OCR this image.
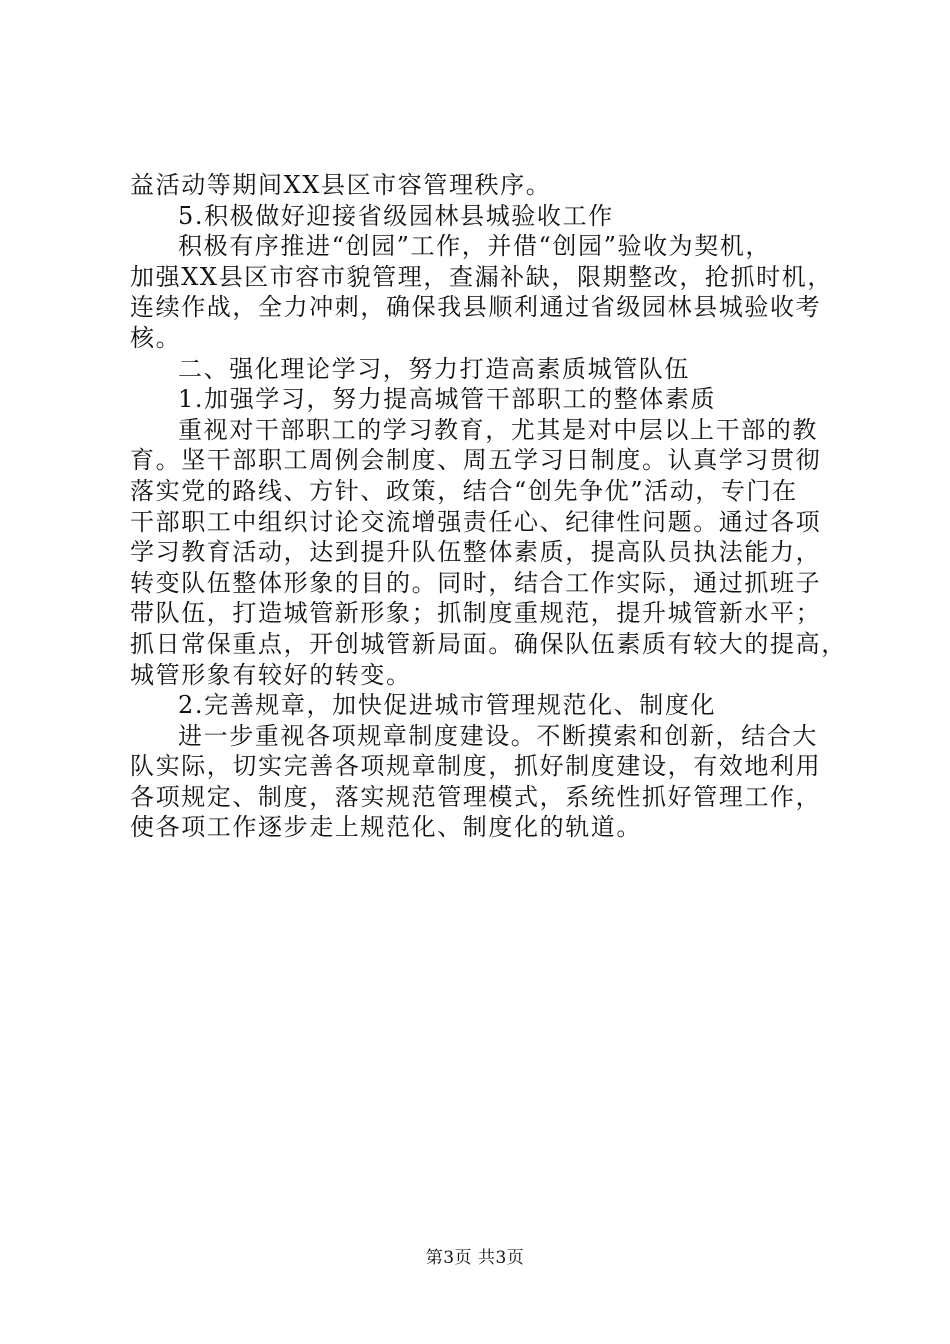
益活动等期间XX县区市容管理秩序。
5.积极做好迎接省级园林县城验收工作
积极有序推进“创园”工作，并借“创园”验收为契机，
加强XX县区市容市貌管理，查漏补缺，限期整改，抢抓时机，
连续作战，全力冲刺，确保我县顺利通过省级园林县城验收考
核。
二、强化理论学习，努力打造高素质城管队伍
1.加强学习，努力提高城管干部职工的整体素质
重视对干部职工的学习教育，尤其是对中层以上干部的教
育。坚干部职工周例会制度、周五学习日制度。认真学习贯彻
落实党的路线、方针、政策，结合“创先争优”活动，专门在
干部职工中组织讨论交流增强责任心、纪律性问题。通过各项
学习教育活动，达到提升队伍整体素质，提高队员执法能力，
转变队伍整体形象的目的。同时，结合工作实际，通过抓班子
带队伍，打造城管新形象；抓制度重规范，提升城管新水平；
抓日常保重点，开创城管新局面。确保队伍素质有较大的提高，
城管形象有较好的转变。
2.完善规章，加快促进城市管理规范化、制度化
进一步重视各项规章制度建设。不断摸索和创新，结合大
队实际，切实完善各项规章制度，抓好制度建设，有效地利用
各项规定、制度，落实规范管理模式，系统性抓好管理工作，
使各项工作逐步走上规范化、制度化的轨道。
第3页 共3页
